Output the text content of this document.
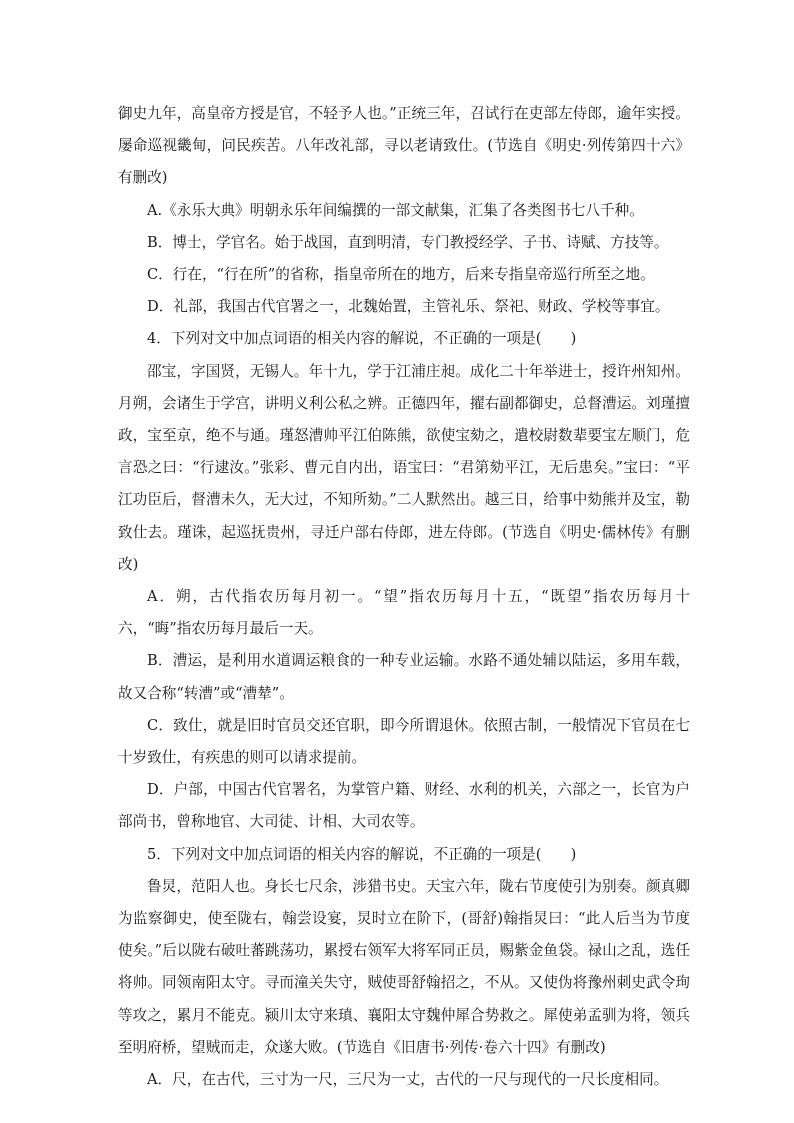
御史九年，高皇帝方授是官，不轻予人也。”正统三年，召试行在吏部左侍郎，逾年实授。屡命巡视畿甸，问民疾苦。八年改礼部，寻以老请致仕。(节选自《明史·列传第四十六》有删改)

A.《永乐大典》明朝永乐年间编撰的一部文献集，汇集了各类图书七八千种。

B．博士，学官名。始于战国，直到明清，专门教授经学、子书、诗赋、方技等。

C．行在，“行在所”的省称，指皇帝所在的地方，后来专指皇帝巡行所至之地。

D．礼部，我国古代官署之一，北魏始置，主管礼乐、祭祀、财政、学校等事宜。

4．下列对文中加点词语的相关内容的解说，不正确的一项是(　　)

邵宝，字国贤，无锡人。年十九，学于江浦庄昶。成化二十年举进士，授许州知州。月朔，会诸生于学宫，讲明义利公私之辨。正德四年，擢右副都御史，总督漕运。刘瑾擅政，宝至京，绝不与通。瑾怒漕帅平江伯陈熊，欲使宝劾之，遣校尉数辈要宝左顺门，危言恐之曰：“行逮汝。”张彩、曹元自内出，语宝曰：“君第劾平江，无后患矣。”宝曰：“平江功臣后，督漕未久，无大过，不知所劾。”二人默然出。越三日，给事中劾熊并及宝，勒致仕去。瑾诛，起巡抚贵州，寻迁户部右侍郎，进左侍郎。(节选自《明史·儒林传》有删改)

A．朔，古代指农历每月初一。“望”指农历每月十五，“既望”指农历每月十六，“晦”指农历每月最后一天。

B．漕运，是利用水道调运粮食的一种专业运输。水路不通处辅以陆运，多用车载，故又合称“转漕”或“漕辇”。

C．致仕，就是旧时官员交还官职，即今所谓退休。依照古制，一般情况下官员在七十岁致仕，有疾患的则可以请求提前。

D．户部，中国古代官署名，为掌管户籍、财经、水利的机关，六部之一，长官为户部尚书，曾称地官、大司徒、计相、大司农等。

5．下列对文中加点词语的相关内容的解说，不正确的一项是(　　)

鲁炅，范阳人也。身长七尺余，涉猎书史。天宝六年，陇右节度使引为别奏。颜真卿为监察御史，使至陇右，翰尝设宴，炅时立在阶下，(哥舒)翰指炅曰：“此人后当为节度使矣。”后以陇右破吐蕃跳荡功，累授右领军大将军同正员，赐紫金鱼袋。禄山之乱，选任将帅。同领南阳太守。寻而潼关失守，贼使哥舒翰招之，不从。又使伪将豫州刺史武令珣等攻之，累月不能克。颍川太守来瑱、襄阳太守魏仲犀合势救之。犀使弟孟驯为将，领兵至明府桥，望贼而走，众遂大败。(节选自《旧唐书·列传·卷六十四》有删改)

A．尺，在古代，三寸为一尺，三尺为一丈，古代的一尺与现代的一尺长度相同。
